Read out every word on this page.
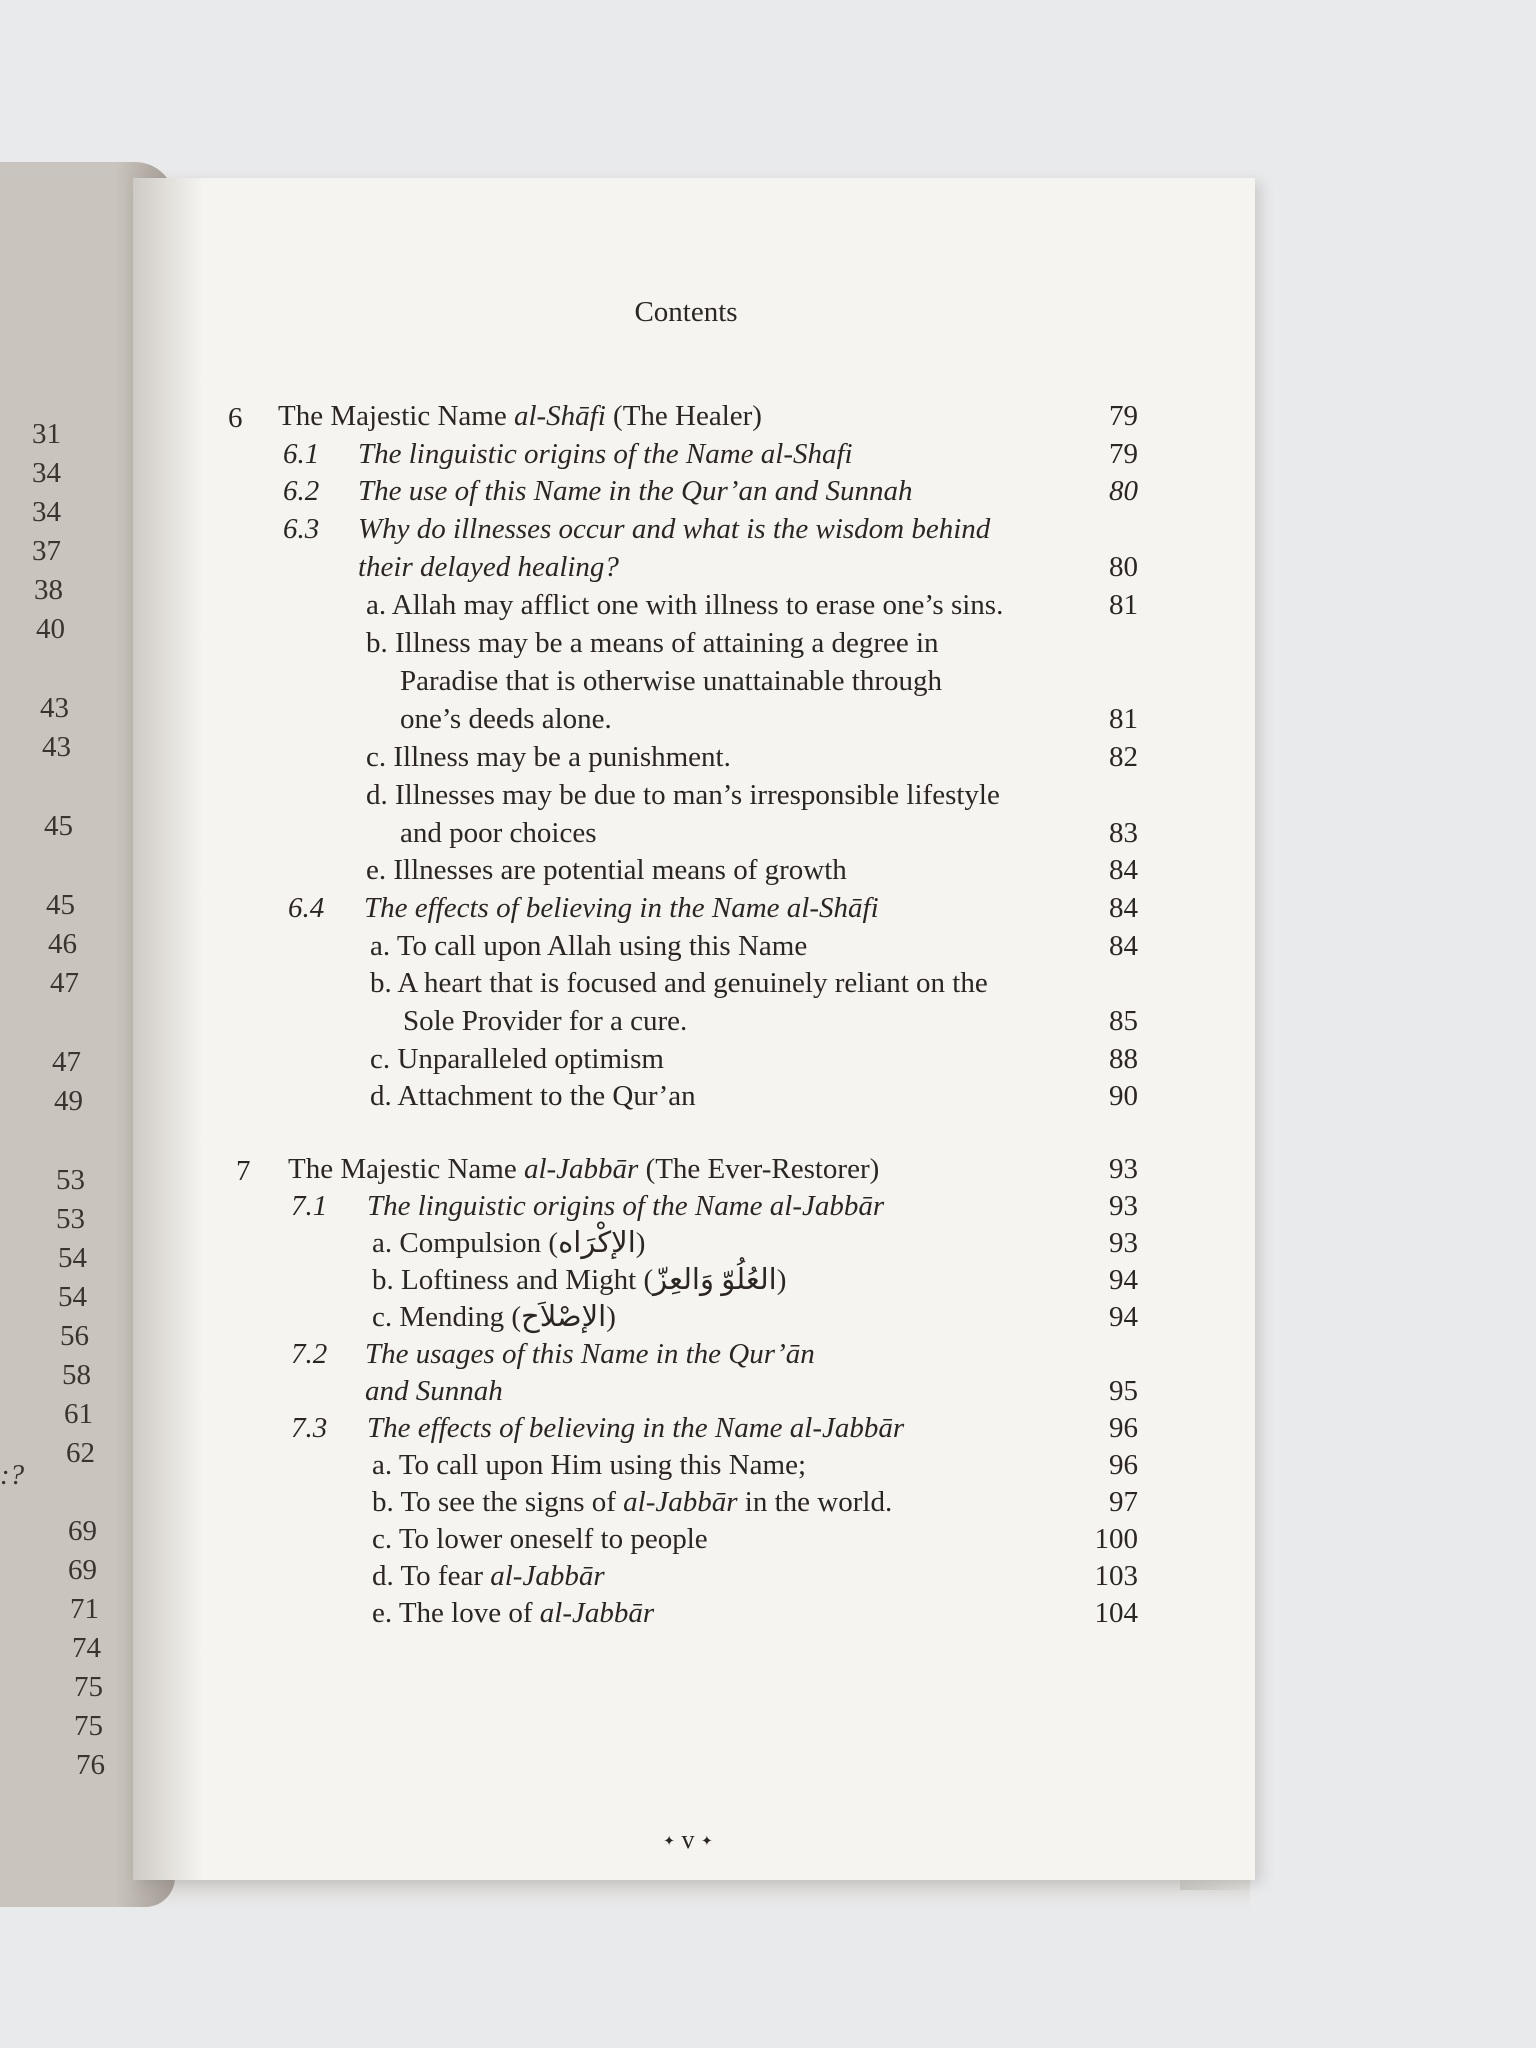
31
34
34
37
38
40
43
43
45
45
46
47
47
49
53
53
54
54
56
58
61
62
69
69
71
74
75
75
76
:?
Contents
6 The Majestic Name al-Shāfi (The Healer)	79
6.1 The linguistic origins of the Name al-Shafi	79
6.2 The use of this Name in the Qur’an and Sunnah	80
6.3 Why do illnesses occur and what is the wisdom behind
their delayed healing?	80
a. Allah may afflict one with illness to erase one’s sins.	81
b. Illness may be a means of attaining a degree in
Paradise that is otherwise unattainable through
one’s deeds alone.	81
c. Illness may be a punishment.	82
d. Illnesses may be due to man’s irresponsible lifestyle
and poor choices	83
e. Illnesses are potential means of growth	84
6.4 The effects of believing in the Name al-Shāfi	84
a. To call upon Allah using this Name	84
b. A heart that is focused and genuinely reliant on the
Sole Provider for a cure.	85
c. Unparalleled optimism	88
d. Attachment to the Qur’an	90
7 The Majestic Name al-Jabbār (The Ever-Restorer)	93
7.1 The linguistic origins of the Name al-Jabbār	93
a. Compulsion (الإكْرَاه)	93
b. Loftiness and Might (العُلُوّ وَالعِزّ)	94
c. Mending (الإصْلاَح)	94
7.2 The usages of this Name in the Qur’ān
and Sunnah	95
7.3 The effects of believing in the Name al-Jabbār	96
a. To call upon Him using this Name;	96
b. To see the signs of al-Jabbār in the world.	97
c. To lower oneself to people	100
d. To fear al-Jabbār	103
e. The love of al-Jabbār	104
✦ v ✦
